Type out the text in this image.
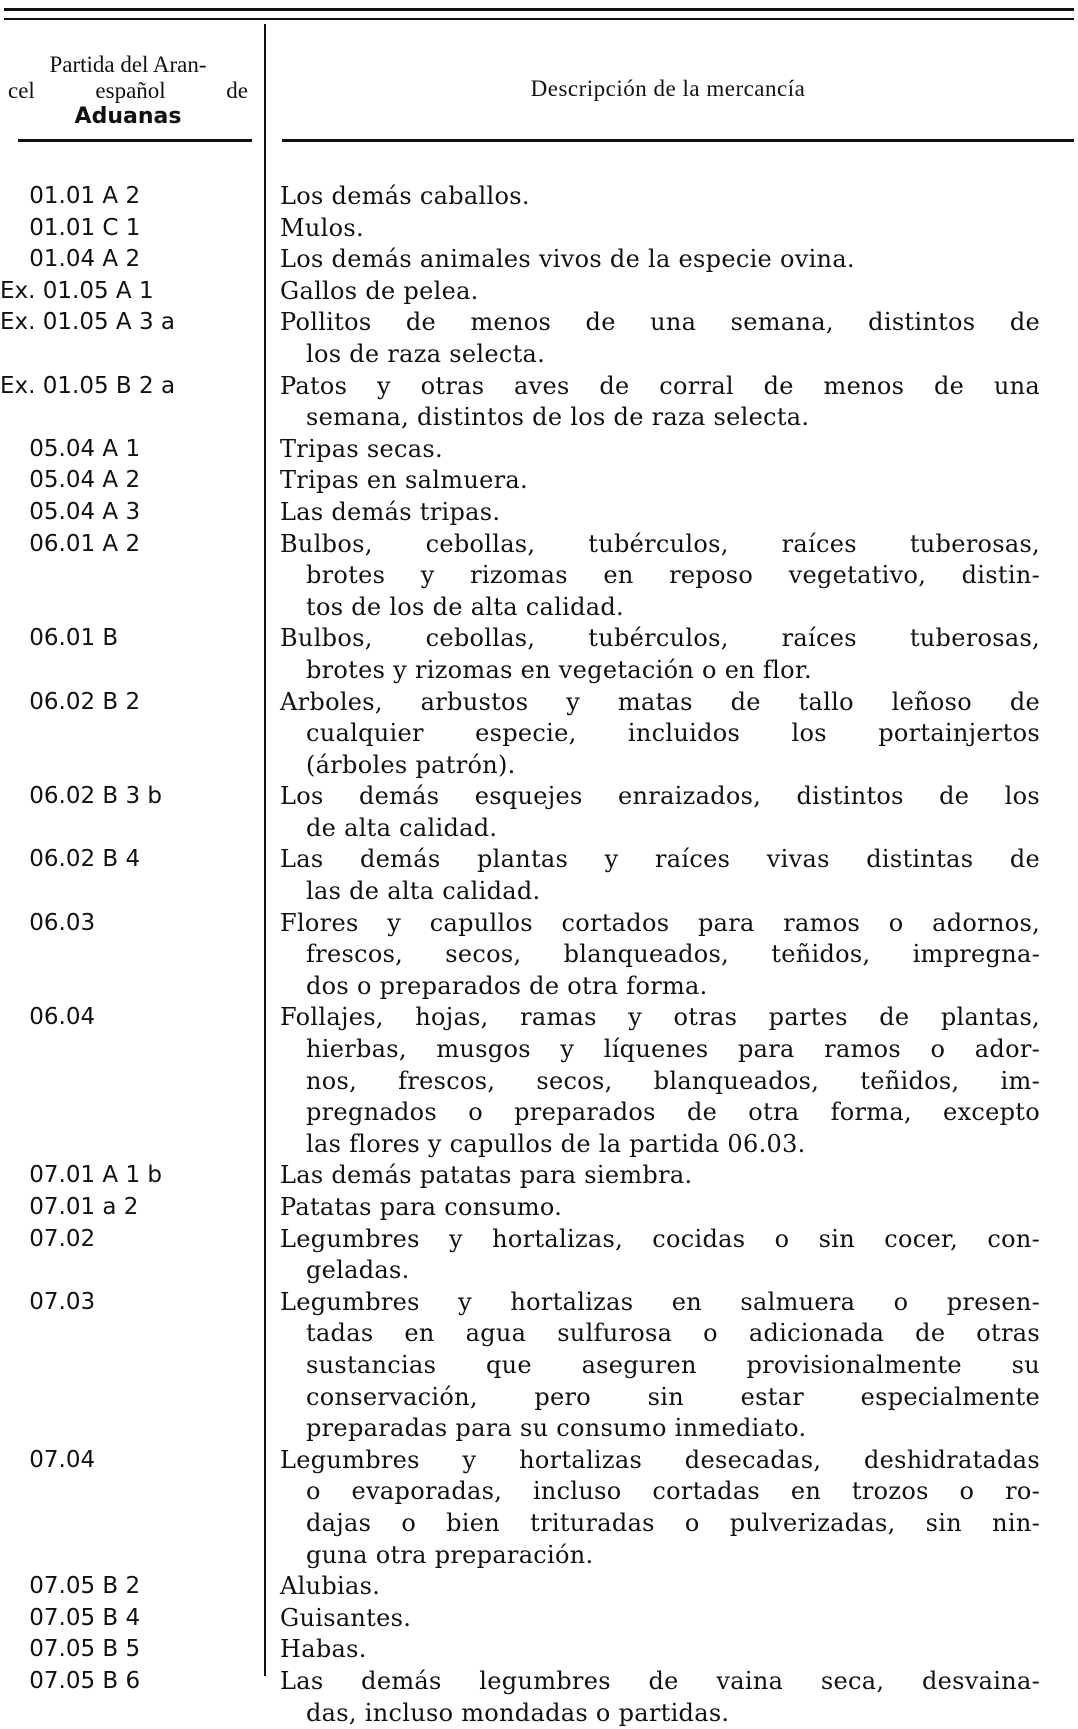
Partida del Aran-
cel	español	de
Aduanas
Descripción de la mercancía
01.01 A 2	Los demás caballos.
01.01 C 1	Mulos.
01.04 A 2	Los demás animales vivos de la especie ovina.
Ex. 01.05 A 1	Gallos de pelea.
Ex. 01.05 A 3 a	Pollitos de menos de una semana, distintos de
los de raza selecta.
Ex. 01.05 B 2 a	Patos y otras aves de corral de menos de una
semana, distintos de los de raza selecta.
05.04 A 1	Tripas secas.
05.04 A 2	Tripas en salmuera.
05.04 A 3	Las demás tripas.
06.01 A 2	Bulbos, cebollas, tubérculos, raíces tuberosas,
brotes y rizomas en reposo vegetativo, distin-
tos de los de alta calidad.
06.01 B	Bulbos, cebollas, tubérculos, raíces tuberosas,
brotes y rizomas en vegetación o en flor.
06.02 B 2	Arboles, arbustos y matas de tallo leñoso de
cualquier especie, incluidos los portainjertos
(árboles patrón).
06.02 B 3 b	Los demás esquejes enraizados, distintos de los
de alta calidad.
06.02 B 4	Las demás plantas y raíces vivas distintas de
las de alta calidad.
06.03	Flores y capullos cortados para ramos o adornos,
frescos, secos, blanqueados, teñidos, impregna-
dos o preparados de otra forma.
06.04	Follajes, hojas, ramas y otras partes de plantas,
hierbas, musgos y líquenes para ramos o ador-
nos, frescos, secos, blanqueados, teñidos, im-
pregnados o preparados de otra forma, excepto
las flores y capullos de la partida 06.03.
07.01 A 1 b	Las demás patatas para siembra.
07.01 a 2	Patatas para consumo.
07.02	Legumbres y hortalizas, cocidas o sin cocer, con-
geladas.
07.03	Legumbres y hortalizas en salmuera o presen-
tadas en agua sulfurosa o adicionada de otras
sustancias que aseguren provisionalmente su
conservación, pero sin estar especialmente
preparadas para su consumo inmediato.
07.04	Legumbres y hortalizas desecadas, deshidratadas
o evaporadas, incluso cortadas en trozos o ro-
dajas o bien trituradas o pulverizadas, sin nin-
guna otra preparación.
07.05 B 2	Alubias.
07.05 B 4	Guisantes.
07.05 B 5	Habas.
07.05 B 6	Las demás legumbres de vaina seca, desvaina-
das, incluso mondadas o partidas.
